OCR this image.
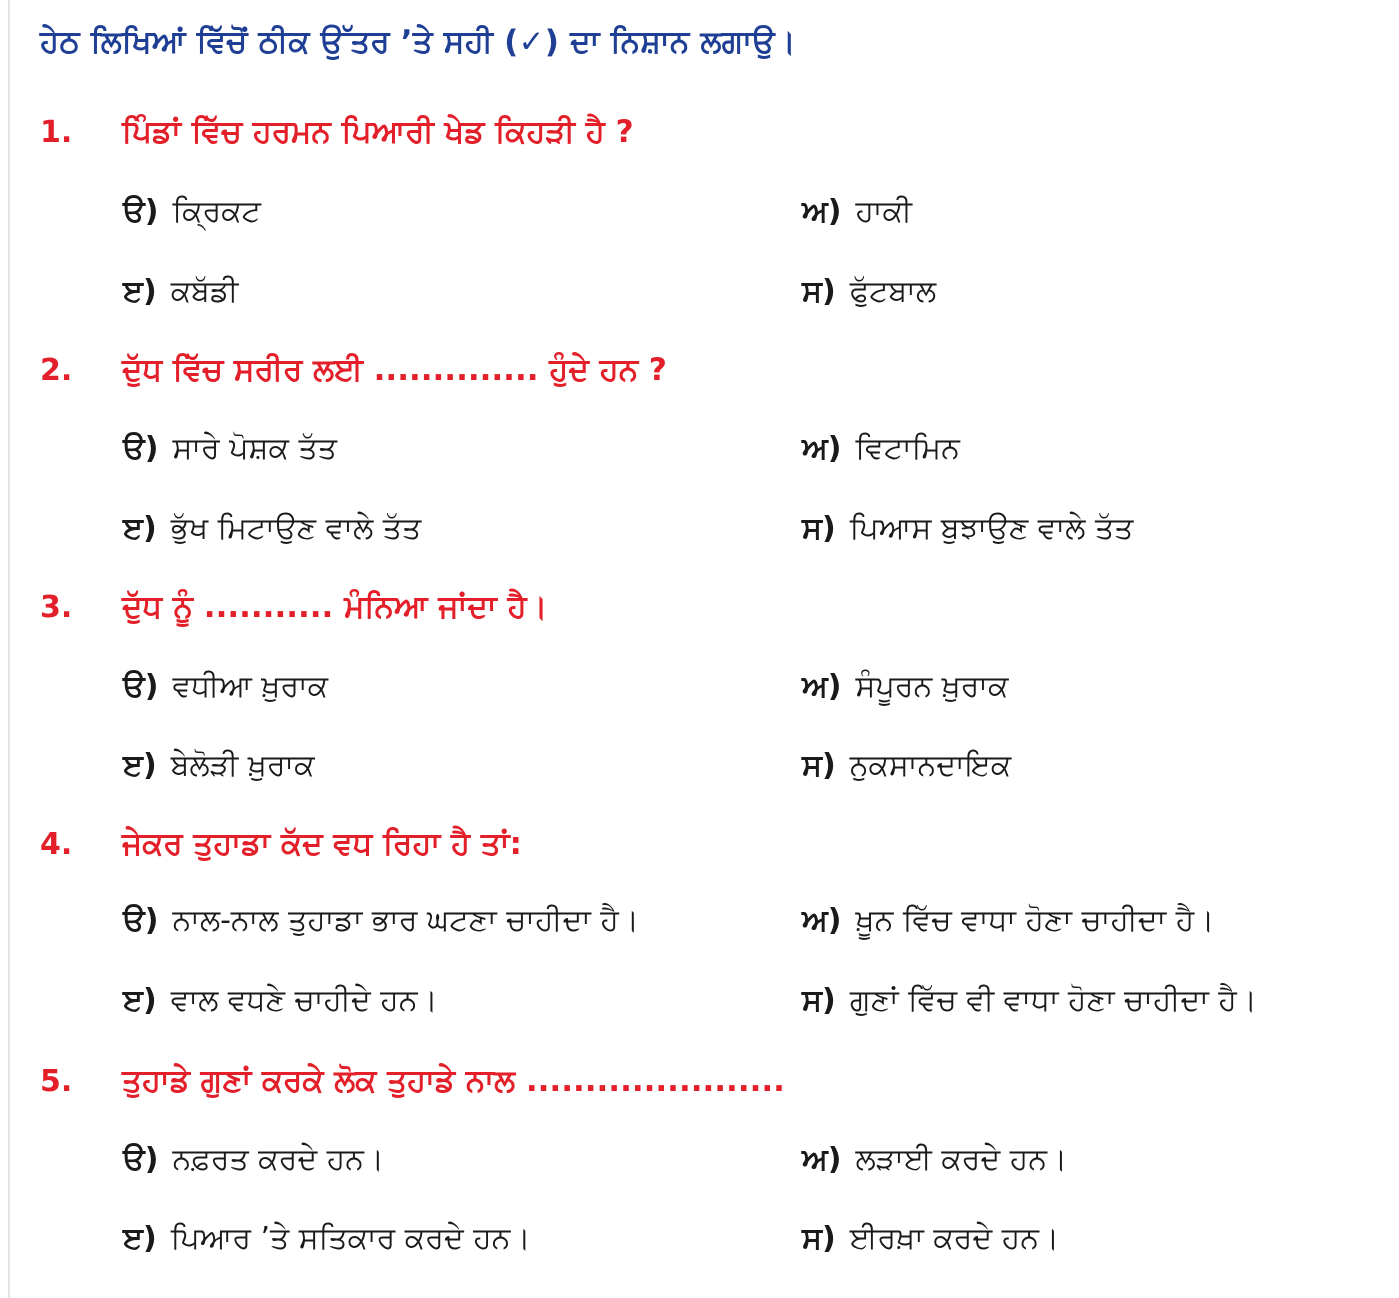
ਹੇਠ ਲਿਖਿਆਂ ਵਿੱਚੋਂ ਠੀਕ ਉੱਤਰ ’ਤੇ ਸਹੀ (✓) ਦਾ ਨਿਸ਼ਾਨ ਲਗਾਉ।
1.	ਪਿੰਡਾਂ ਵਿੱਚ ਹਰਮਨ ਪਿਆਰੀ ਖੇਡ ਕਿਹੜੀ ਹੈ ?
ੳ) ਕ੍ਰਿਕਟ	ਅ) ਹਾਕੀ
ੲ) ਕਬੱਡੀ	ਸ) ਫੁੱਟਬਾਲ
2.	ਦੁੱਧ ਵਿੱਚ ਸਰੀਰ ਲਈ .............. ਹੁੰਦੇ ਹਨ ?
ੳ) ਸਾਰੇ ਪੋਸ਼ਕ ਤੱਤ	ਅ) ਵਿਟਾਮਿਨ
ੲ) ਭੁੱਖ ਮਿਟਾਉਣ ਵਾਲੇ ਤੱਤ	ਸ) ਪਿਆਸ ਬੁਝਾਉਣ ਵਾਲੇ ਤੱਤ
3.	ਦੁੱਧ ਨੂੰ ........... ਮੰਨਿਆ ਜਾਂਦਾ ਹੈ।
ੳ) ਵਧੀਆ ਖ਼ੁਰਾਕ	ਅ) ਸੰਪੂਰਨ ਖ਼ੁਰਾਕ
ੲ) ਬੇਲੋੜੀ ਖ਼ੁਰਾਕ	ਸ) ਨੁਕਸਾਨਦਾਇਕ
4.	ਜੇਕਰ ਤੁਹਾਡਾ ਕੱਦ ਵਧ ਰਿਹਾ ਹੈ ਤਾਂ:
ੳ) ਨਾਲ-ਨਾਲ ਤੁਹਾਡਾ ਭਾਰ ਘਟਣਾ ਚਾਹੀਦਾ ਹੈ।	ਅ) ਖ਼ੂਨ ਵਿੱਚ ਵਾਧਾ ਹੋਣਾ ਚਾਹੀਦਾ ਹੈ।
ੲ) ਵਾਲ ਵਧਣੇ ਚਾਹੀਦੇ ਹਨ।	ਸ) ਗੁਣਾਂ ਵਿੱਚ ਵੀ ਵਾਧਾ ਹੋਣਾ ਚਾਹੀਦਾ ਹੈ।
5.	ਤੁਹਾਡੇ ਗੁਣਾਂ ਕਰਕੇ ਲੋਕ ਤੁਹਾਡੇ ਨਾਲ ......................
ੳ) ਨਫ਼ਰਤ ਕਰਦੇ ਹਨ।	ਅ) ਲੜਾਈ ਕਰਦੇ ਹਨ।
ੲ) ਪਿਆਰ ’ਤੇ ਸਤਿਕਾਰ ਕਰਦੇ ਹਨ।	ਸ) ਈਰਖ਼ਾ ਕਰਦੇ ਹਨ।
